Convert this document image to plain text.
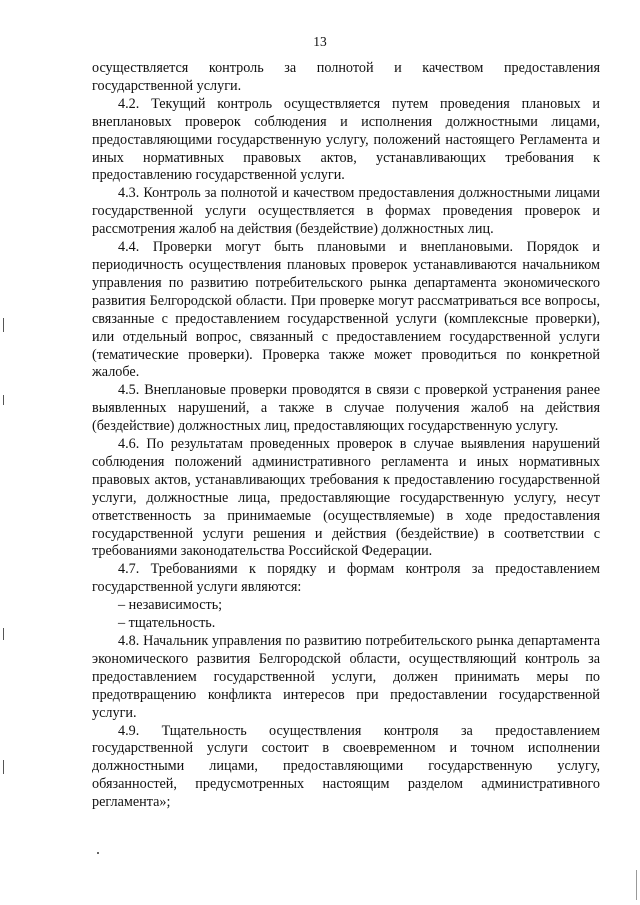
13

осуществляется контроль за полнотой и качеством предоставления государственной услуги.

4.2. Текущий контроль осуществляется путем проведения плановых и внеплановых проверок соблюдения и исполнения должностными лицами, предоставляющими государственную услугу, положений настоящего Регламента и иных нормативных правовых актов, устанавливающих требования к предоставлению государственной услуги.

4.3. Контроль за полнотой и качеством предоставления должностными лицами государственной услуги осуществляется в формах проведения проверок и рассмотрения жалоб на действия (бездействие) должностных лиц.

4.4. Проверки могут быть плановыми и внеплановыми. Порядок и периодичность осуществления плановых проверок устанавливаются начальником управления по развитию потребительского рынка департамента экономического развития Белгородской области. При проверке могут рассматриваться все вопросы, связанные с предоставлением государственной услуги (комплексные проверки), или отдельный вопрос, связанный с предоставлением государственной услуги (тематические проверки). Проверка также может проводиться по конкретной жалобе.

4.5. Внеплановые проверки проводятся в связи с проверкой устранения ранее выявленных нарушений, а также в случае получения жалоб на действия (бездействие) должностных лиц, предоставляющих государственную услугу.

4.6. По результатам проведенных проверок в случае выявления нарушений соблюдения положений административного регламента и иных нормативных правовых актов, устанавливающих требования к предоставлению государственной услуги, должностные лица, предоставляющие государственную услугу, несут ответственность за принимаемые (осуществляемые) в ходе предоставления государственной услуги решения и действия (бездействие) в соответствии с требованиями законодательства Российской Федерации.

4.7. Требованиями к порядку и формам контроля за предоставлением государственной услуги являются:

– независимость;

– тщательность.

4.8. Начальник управления по развитию потребительского рынка департамента экономического развития Белгородской области, осуществляющий контроль за предоставлением государственной услуги, должен принимать меры по предотвращению конфликта интересов при предоставлении государственной услуги.

4.9. Тщательность осуществления контроля за предоставлением государственной услуги состоит в своевременном и точном исполнении должностными лицами, предоставляющими государственную услугу, обязанностей, предусмотренных настоящим разделом административного регламента»;
